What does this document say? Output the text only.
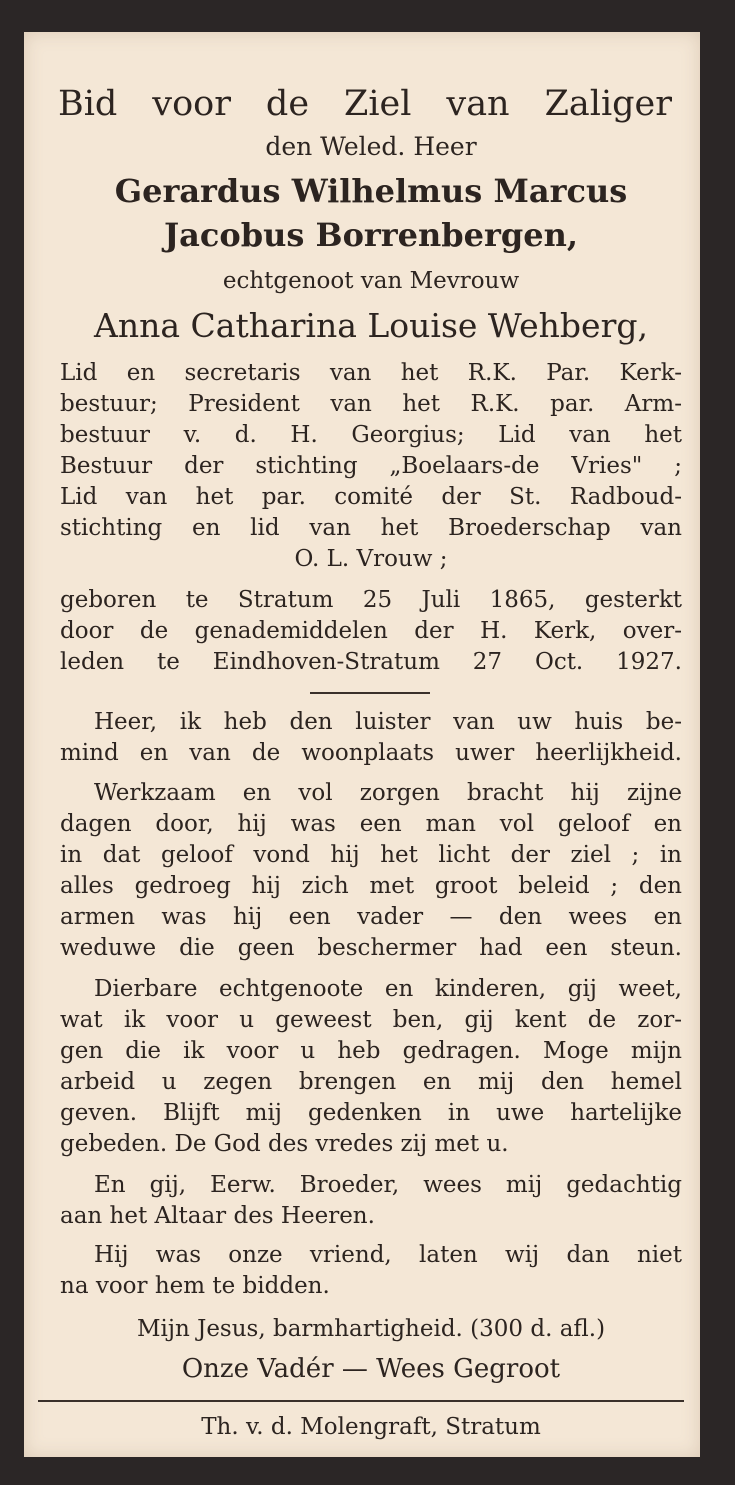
Bid voor de Ziel van Zaliger
den Weled. Heer
Gerardus Wilhelmus Marcus
Jacobus Borrenbergen,
echtgenoot van Mevrouw
Anna Catharina Louise Wehberg,
Lid en secretaris van het R.K. Par. Kerk-
bestuur; President van het R.K. par. Arm-
bestuur v. d. H. Georgius; Lid van het
Bestuur der stichting „Boelaars-de Vries" ;
Lid van het par. comité der St. Radboud-
stichting en lid van het Broederschap van
O. L. Vrouw ;
geboren te Stratum 25 Juli 1865, gesterkt
door de genademiddelen der H. Kerk, over-
leden te Eindhoven-Stratum 27 Oct. 1927.
Heer, ik heb den luister van uw huis be-
mind en van de woonplaats uwer heerlijkheid.
Werkzaam en vol zorgen bracht hij zijne
dagen door, hij was een man vol geloof en
in dat geloof vond hij het licht der ziel ; in
alles gedroeg hij zich met groot beleid ; den
armen was hij een vader — den wees en
weduwe die geen beschermer had een steun.
Dierbare echtgenoote en kinderen, gij weet,
wat ik voor u geweest ben, gij kent de zor-
gen die ik voor u heb gedragen. Moge mijn
arbeid u zegen brengen en mij den hemel
geven. Blijft mij gedenken in uwe hartelijke
gebeden. De God des vredes zij met u.
En gij, Eerw. Broeder, wees mij gedachtig
aan het Altaar des Heeren.
Hij was onze vriend, laten wij dan niet
na voor hem te bidden.
Mijn Jesus, barmhartigheid. (300 d. afl.)
Onze Vadér — Wees Gegroot
Th. v. d. Molengraft, Stratum
